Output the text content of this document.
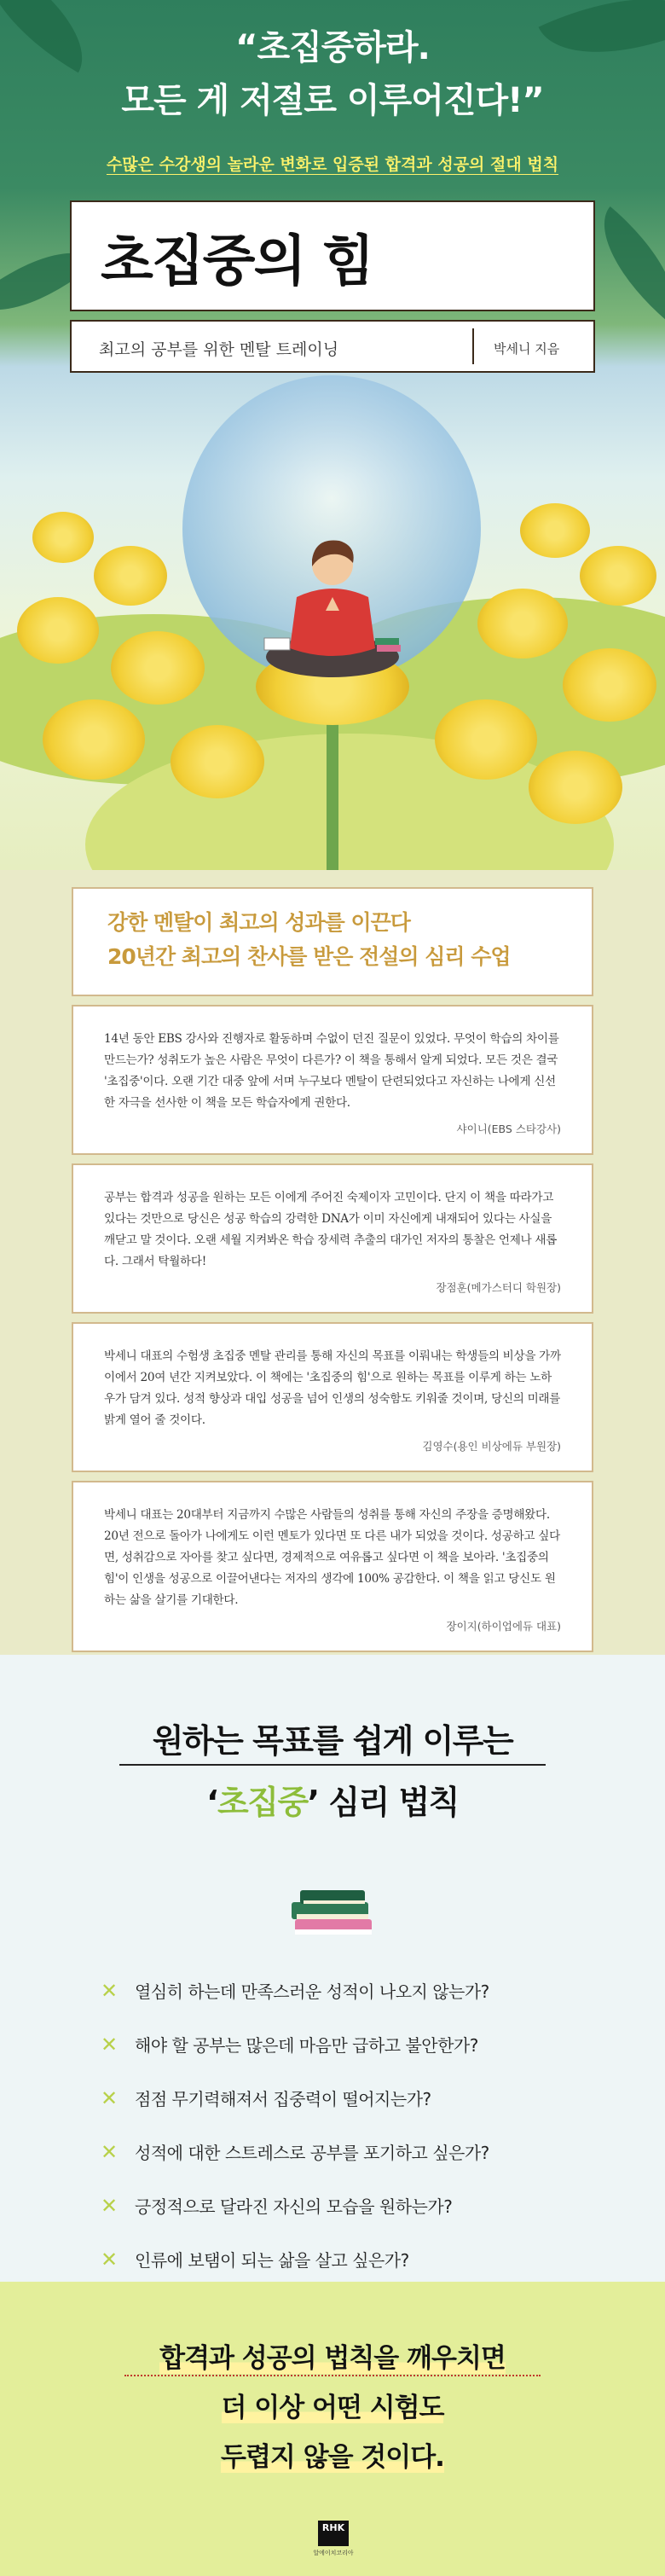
“초집중하라.
모든 게 저절로 이루어진다!”
수많은 수강생의 놀라운 변화로 입증된 합격과 성공의 절대 법칙
초집중의 힘
최고의 공부를 위한 멘탈 트레이닝	박세니 지음
강한 멘탈이 최고의 성과를 이끈다
20년간 최고의 찬사를 받은 전설의 심리 수업
14년 동안 EBS 강사와 진행자로 활동하며 수없이 던진 질문이 있었다. 무엇이 학습의 차이를 만드는가? 성취도가 높은 사람은 무엇이 다른가? 이 책을 통해서 알게 되었다. 모든 것은 결국 '초집중'이다. 오랜 기간 대중 앞에 서며 누구보다 멘탈이 단련되었다고 자신하는 나에게 신선한 자극을 선사한 이 책을 모든 학습자에게 권한다.
샤이니(EBS 스타강사)
공부는 합격과 성공을 원하는 모든 이에게 주어진 숙제이자 고민이다. 단지 이 책을 따라가고 있다는 것만으로 당신은 성공 학습의 강력한 DNA가 이미 자신에게 내재되어 있다는 사실을 깨닫고 말 것이다. 오랜 세월 지켜봐온 학습 장세력 추출의 대가인 저자의 통찰은 언제나 새롭다. 그래서 탁월하다!
장점훈(메가스터디 학원장)
박세니 대표의 수험생 초집중 멘탈 관리를 통해 자신의 목표를 이뤄내는 학생들의 비상을 가까이에서 20여 년간 지켜보았다. 이 책에는 '초집중의 힘'으로 원하는 목표를 이루게 하는 노하우가 담겨 있다. 성적 향상과 대입 성공을 넘어 인생의 성숙함도 키워줄 것이며, 당신의 미래를 밝게 열어 줄 것이다.
김영수(용인 비상에듀 부원장)
박세니 대표는 20대부터 지금까지 수많은 사람들의 성취를 통해 자신의 주장을 증명해왔다. 20년 전으로 돌아가 나에게도 이런 멘토가 있다면 또 다른 내가 되었을 것이다. 성공하고 싶다면, 성취감으로 자아를 찾고 싶다면, 경제적으로 여유롭고 싶다면 이 책을 보아라. '초집중의 힘'이 인생을 성공으로 이끌어낸다는 저자의 생각에 100% 공감한다. 이 책을 읽고 당신도 원하는 삶을 살기를 기대한다.
장이지(하이업에듀 대표)
원하는 목표를 쉽게 이루는
‘초집중’ 심리 법칙
✕ 열심히 하는데 만족스러운 성적이 나오지 않는가?
✕ 해야 할 공부는 많은데 마음만 급하고 불안한가?
✕ 점점 무기력해져서 집중력이 떨어지는가?
✕ 성적에 대한 스트레스로 공부를 포기하고 싶은가?
✕ 긍정적으로 달라진 자신의 모습을 원하는가?
✕ 인류에 보탬이 되는 삶을 살고 싶은가?
합격과 성공의 법칙을 깨우치면
더 이상 어떤 시험도
두렵지 않을 것이다.
RHK
알에이치코리아
